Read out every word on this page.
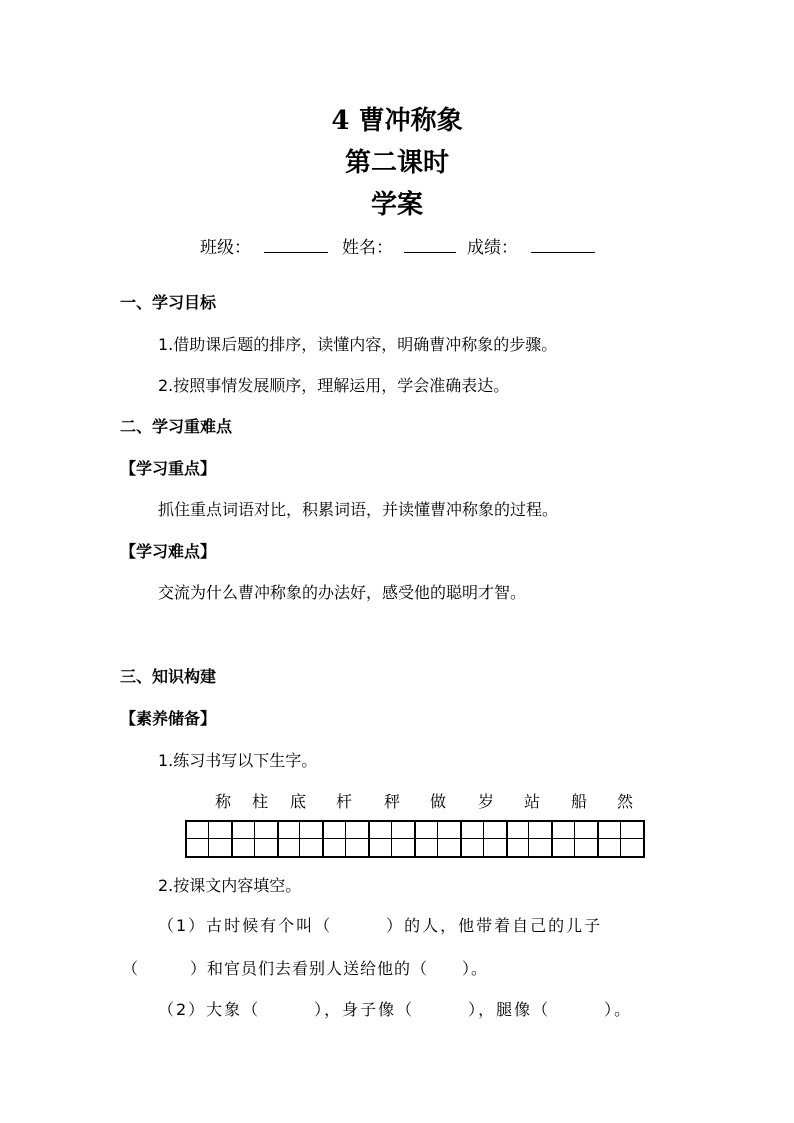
4 曹冲称象
第二课时
学案
班级：	姓名：	成绩：
一、学习目标
1.借助课后题的排序，读懂内容，明确曹冲称象的步骤。
2.按照事情发展顺序，理解运用，学会准确表达。
二、学习重难点
【学习重点】
抓住重点词语对比，积累词语，并读懂曹冲称象的过程。
【学习难点】
交流为什么曹冲称象的办法好，感受他的聪明才智。
三、知识构建
【素养储备】
1.练习书写以下生字。
称	柱	底	杆	秤	做	岁	站	船	然
2.按课文内容填空。
（1）古时候有个叫（　　　）的人，他带着自己的儿子
（　　　）和官员们去看别人送给他的（　　）。
（2）大象（　　　），身子像（　　　），腿像（　　　）。
